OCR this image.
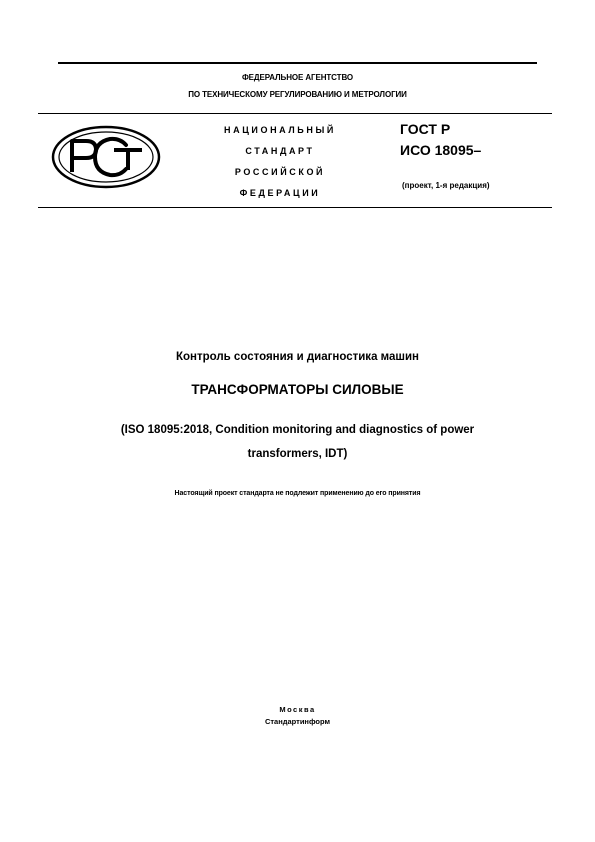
ФЕДЕРАЛЬНОЕ АГЕНТСТВО
ПО ТЕХНИЧЕСКОМУ РЕГУЛИРОВАНИЮ И МЕТРОЛОГИИ
НАЦИОНАЛЬНЫЙ
СТАНДАРТ
РОССИЙСКОЙ
ФЕДЕРАЦИИ
ГОСТ Р
ИСО 18095–
(проект, 1-я редакция)
Контроль состояния и диагностика машин
ТРАНСФОРМАТОРЫ СИЛОВЫЕ
(ISO 18095:2018, Condition monitoring and diagnostics of power
transformers, IDT)
Настоящий проект стандарта не подлежит применению до его принятия
Москва
Стандартинформ
